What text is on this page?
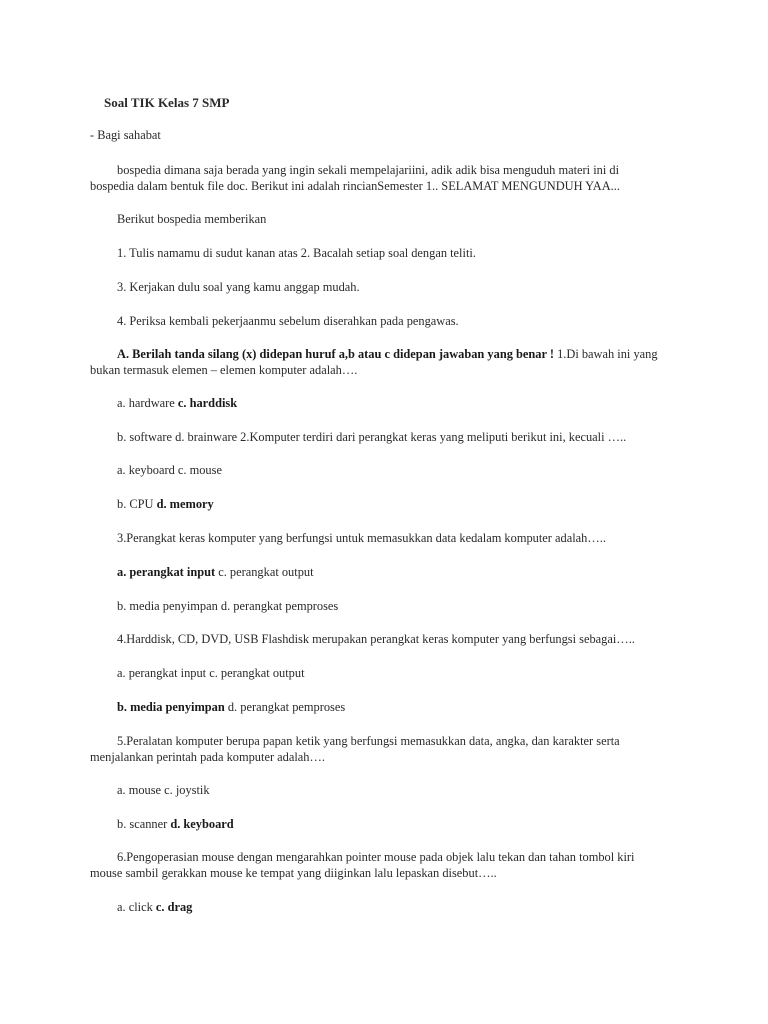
Soal TIK Kelas 7 SMP

- Bagi sahabat

bospedia dimana saja berada yang ingin sekali mempelajariini, adik adik bisa menguduh materi ini di bospedia dalam bentuk file doc. Berikut ini adalah rincianSemester 1.. SELAMAT MENGUNDUH YAA...

Berikut bospedia memberikan

1. Tulis namamu di sudut kanan atas 2. Bacalah setiap soal dengan teliti.

3. Kerjakan dulu soal yang kamu anggap mudah.

4. Periksa kembali pekerjaanmu sebelum diserahkan pada pengawas.

A. Berilah tanda silang (x) didepan huruf a,b atau c didepan jawaban yang benar ! 1.Di bawah ini yang bukan termasuk elemen – elemen komputer adalah….

a. hardware c. harddisk

b. software d. brainware 2.Komputer terdiri dari perangkat keras yang meliputi berikut ini, kecuali …..

a. keyboard c. mouse

b. CPU d. memory

3.Perangkat keras komputer yang berfungsi untuk memasukkan data kedalam komputer adalah…..

a. perangkat input c. perangkat output

b. media penyimpan d. perangkat pemproses

4.Harddisk, CD, DVD, USB Flashdisk merupakan perangkat keras komputer yang berfungsi sebagai…..

a. perangkat input c. perangkat output

b. media penyimpan d. perangkat pemproses

5.Peralatan komputer berupa papan ketik yang berfungsi memasukkan data, angka, dan karakter serta menjalankan perintah pada komputer adalah….

a. mouse c. joystik

b. scanner d. keyboard

6.Pengoperasian mouse dengan mengarahkan pointer mouse pada objek lalu tekan dan tahan tombol kiri mouse sambil gerakkan mouse ke tempat yang diiginkan lalu lepaskan disebut…..

a. click c. drag
